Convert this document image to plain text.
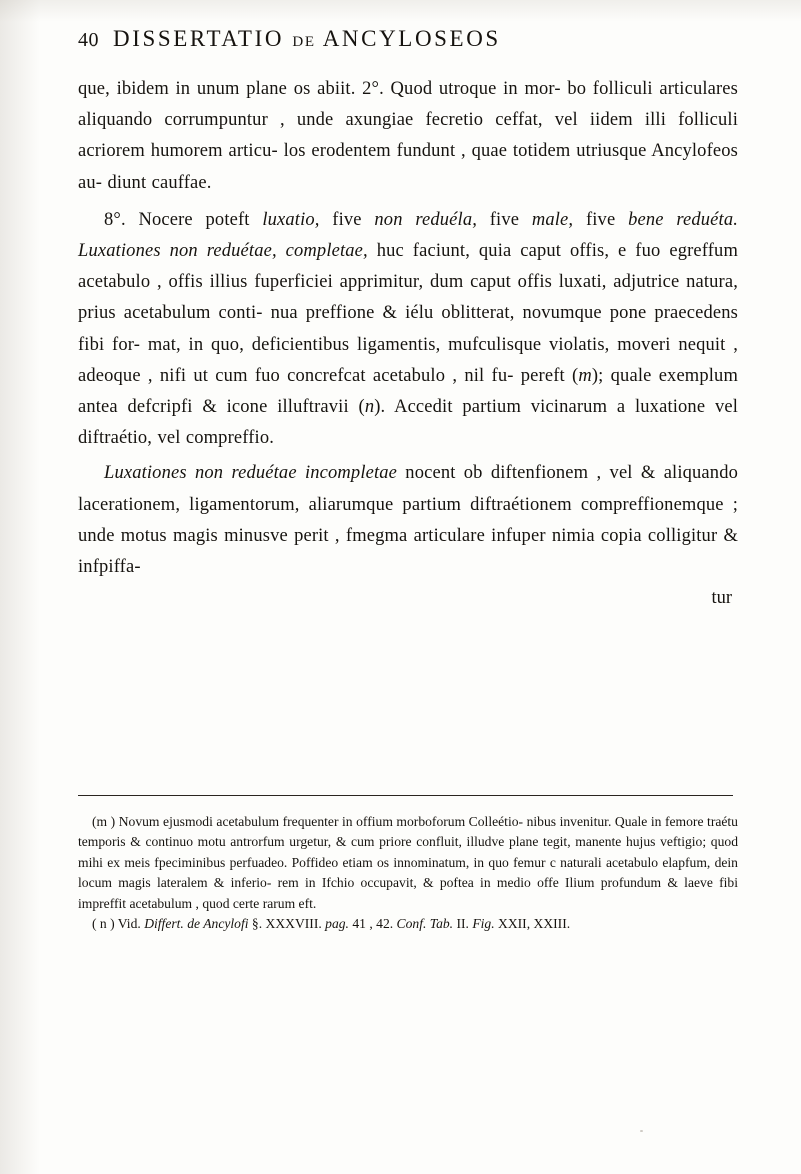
40 DISSERTATIO DE ANCYLOSEOS

que, ibidem in unum plane os abiit. 2°. Quod utroque in mor- bo folliculi articulares aliquando corrumpuntur , unde axungiae fecretio ceffat, vel iidem illi folliculi acriorem humorem articu- los erodentem fundunt , quae totidem utriusque Ancylofeos au- diunt cauffae.

8°. Nocere poteft luxatio, five non reduéla, five male, five bene reduéta. Luxationes non reduétae, completae, huc faciunt, quia caput offis, e fuo egreffum acetabulo , offis illius fuperficiei apprimitur, dum caput offis luxati, adjutrice natura, prius acetabulum conti- nua preffione & iélu oblitterat, novumque pone praecedens fibi for- mat, in quo, deficientibus ligamentis, mufculisque violatis, moveri nequit , adeoque , nifi ut cum fuo concrefcat acetabulo , nil fu- pereft (m); quale exemplum antea defcripfi & icone illuftravii (n). Accedit partium vicinarum a luxatione vel diftraétio, vel compreffio.

Luxationes non reduétae incompletae nocent ob diftenfionem , vel & aliquando lacerationem, ligamentorum, aliarumque partium diftraétionem compreffionemque ; unde motus magis minusve perit , fmegma articulare infuper nimia copia colligitur & infpiffa-

tur

(m ) Novum ejusmodi acetabulum frequenter in offium morboforum Colleétio- nibus invenitur. Quale in femore traétu temporis & continuo motu antrorfum urgetur, & cum priore confluit, illudve plane tegit, manente hujus veftigio; quod mihi ex meis fpeciminibus perfuadeo. Poffideo etiam os innominatum, in quo femur c naturali acetabulo elapfum, dein locum magis lateralem & inferio- rem in Ifchio occupavit, & poftea in medio offe Ilium profundum & laeve fibi impreffit acetabulum , quod certe rarum eft.

( n ) Vid. Differt. de Ancylofi §. XXXVIII. pag. 41 , 42. Conf. Tab. II. Fig. XXII, XXIII.
